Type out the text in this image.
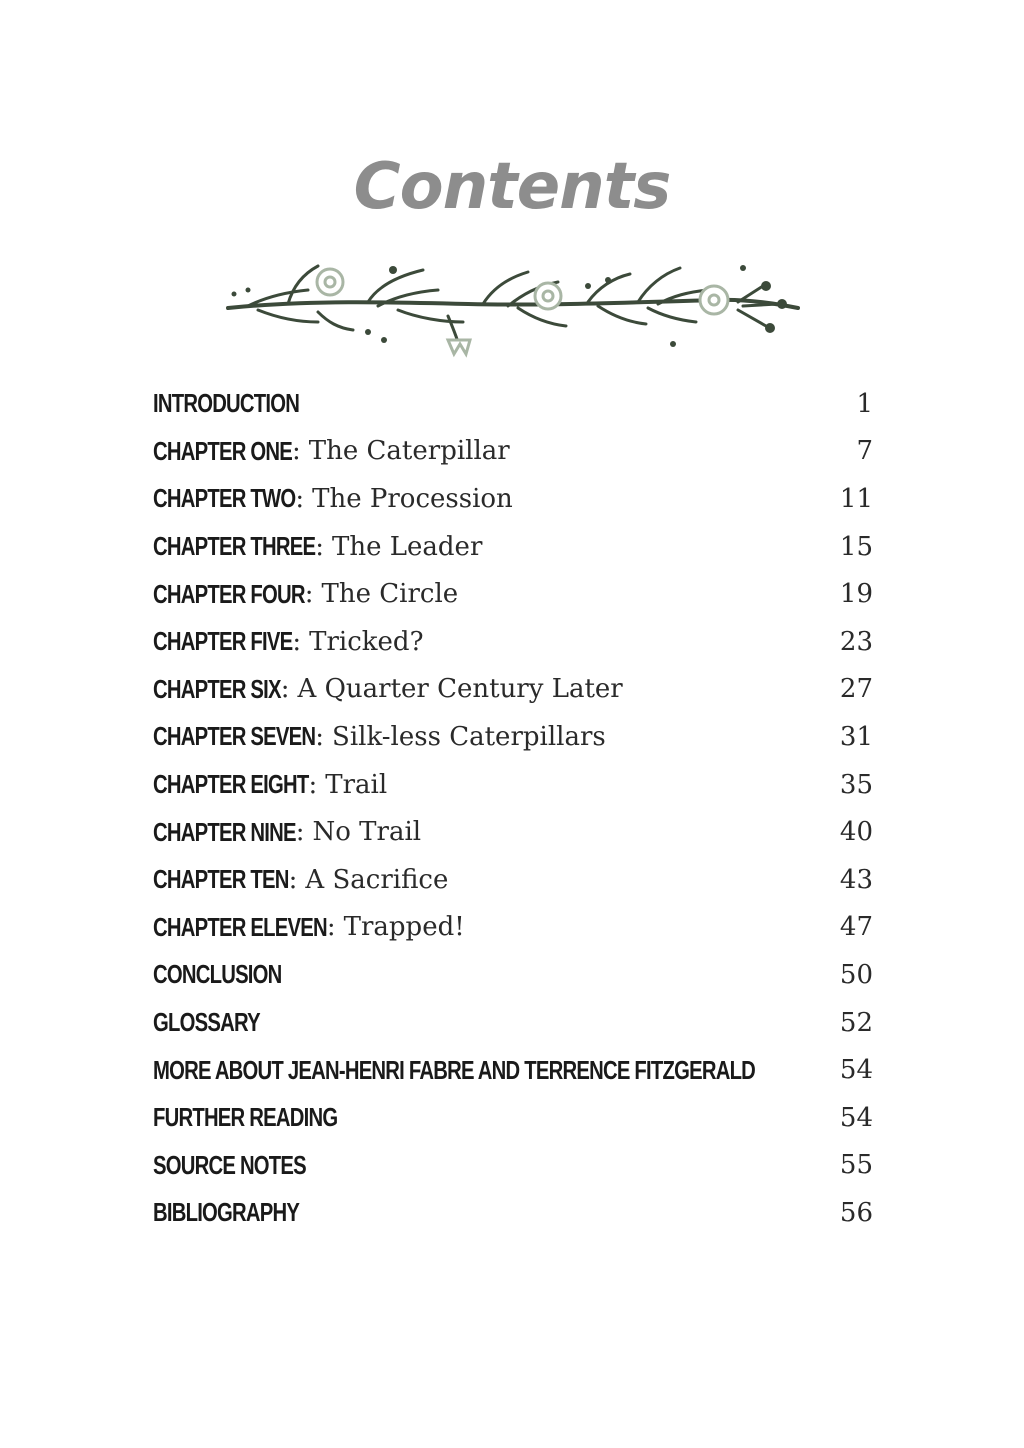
Contents
INTRODUCTION	1
CHAPTER ONE : The Caterpillar	7
CHAPTER TWO : The Procession	11
CHAPTER THREE : The Leader	15
CHAPTER FOUR : The Circle	19
CHAPTER FIVE : Tricked?	23
CHAPTER SIX : A Quarter Century Later	27
CHAPTER SEVEN : Silk-less Caterpillars	31
CHAPTER EIGHT : Trail	35
CHAPTER NINE : No Trail	40
CHAPTER TEN : A Sacrifice	43
CHAPTER ELEVEN : Trapped!	47
CONCLUSION	50
GLOSSARY	52
MORE ABOUT JEAN-HENRI FABRE AND TERRENCE FITZGERALD	54
FURTHER READING	54
SOURCE NOTES	55
BIBLIOGRAPHY	56
